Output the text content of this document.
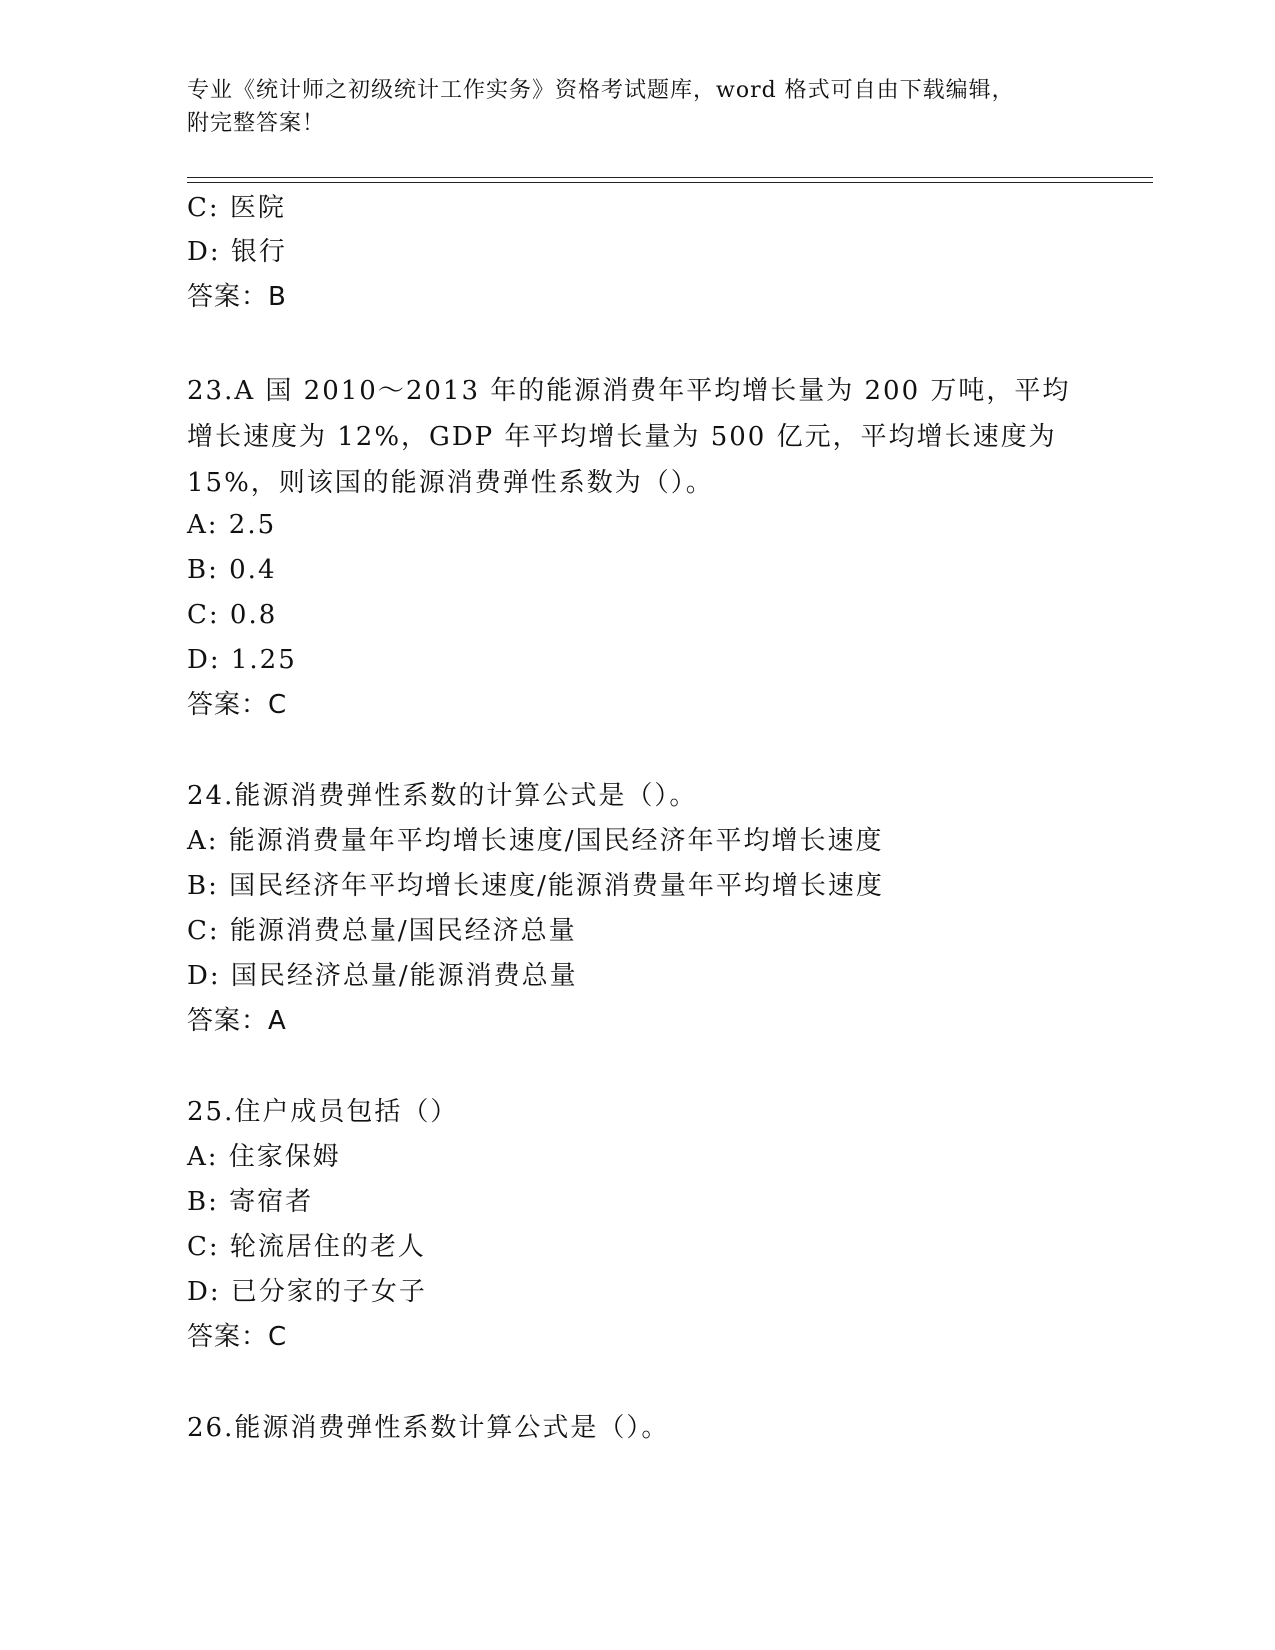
专业《统计师之初级统计工作实务》资格考试题库，word 格式可自由下载编辑，
附完整答案！
C: 医院
D: 银行
答案：B
23.A 国 2010～2013 年的能源消费年平均增长量为 200 万吨，平均增长速度为 12%，GDP 年平均增长量为 500 亿元，平均增长速度为 15%，则该国的能源消费弹性系数为（）。
A: 2.5
B: 0.4
C: 0.8
D: 1.25
答案：C
24.能源消费弹性系数的计算公式是（）。
A: 能源消费量年平均增长速度/国民经济年平均增长速度
B: 国民经济年平均增长速度/能源消费量年平均增长速度
C: 能源消费总量/国民经济总量
D: 国民经济总量/能源消费总量
答案：A
25.住户成员包括（）
A: 住家保姆
B: 寄宿者
C: 轮流居住的老人
D: 已分家的子女子
答案：C
26.能源消费弹性系数计算公式是（）。
